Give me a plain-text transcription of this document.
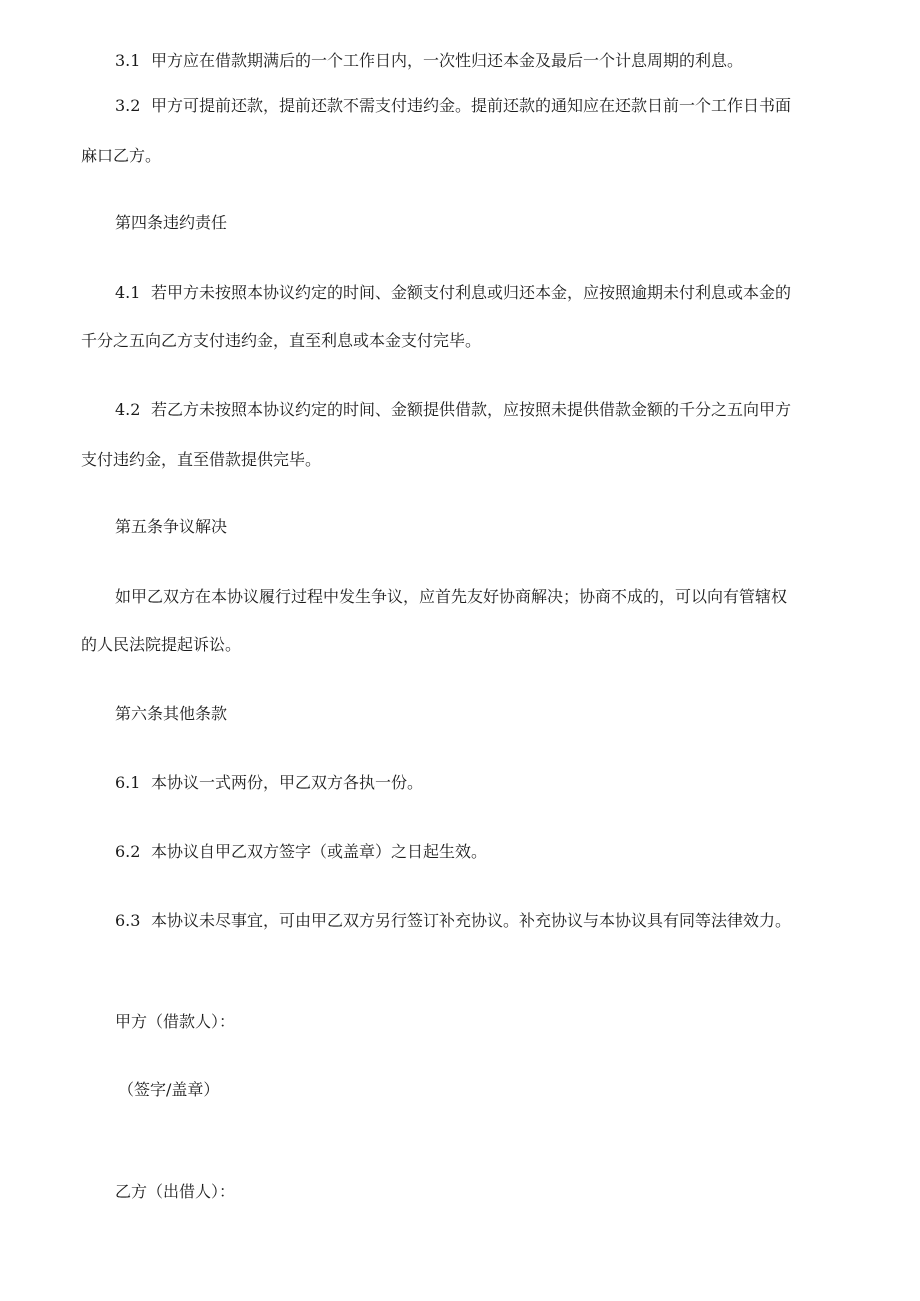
3.1 甲方应在借款期满后的一个工作日内，一次性归还本金及最后一个计息周期的利息。
3.2 甲方可提前还款，提前还款不需支付违约金。提前还款的通知应在还款日前一个工作日书面
麻口乙方。
第四条违约责任
4.1 若甲方未按照本协议约定的时间、金额支付利息或归还本金，应按照逾期未付利息或本金的
千分之五向乙方支付违约金，直至利息或本金支付完毕。
4.2 若乙方未按照本协议约定的时间、金额提供借款，应按照未提供借款金额的千分之五向甲方
支付违约金，直至借款提供完毕。
第五条争议解决
如甲乙双方在本协议履行过程中发生争议，应首先友好协商解决；协商不成的，可以向有管辖权
的人民法院提起诉讼。
第六条其他条款
6.1 本协议一式两份，甲乙双方各执一份。
6.2 本协议自甲乙双方签字（或盖章）之日起生效。
6.3 本协议未尽事宜，可由甲乙双方另行签订补充协议。补充协议与本协议具有同等法律效力。
甲方（借款人）：
（签字/盖章）
乙方（出借人）：
